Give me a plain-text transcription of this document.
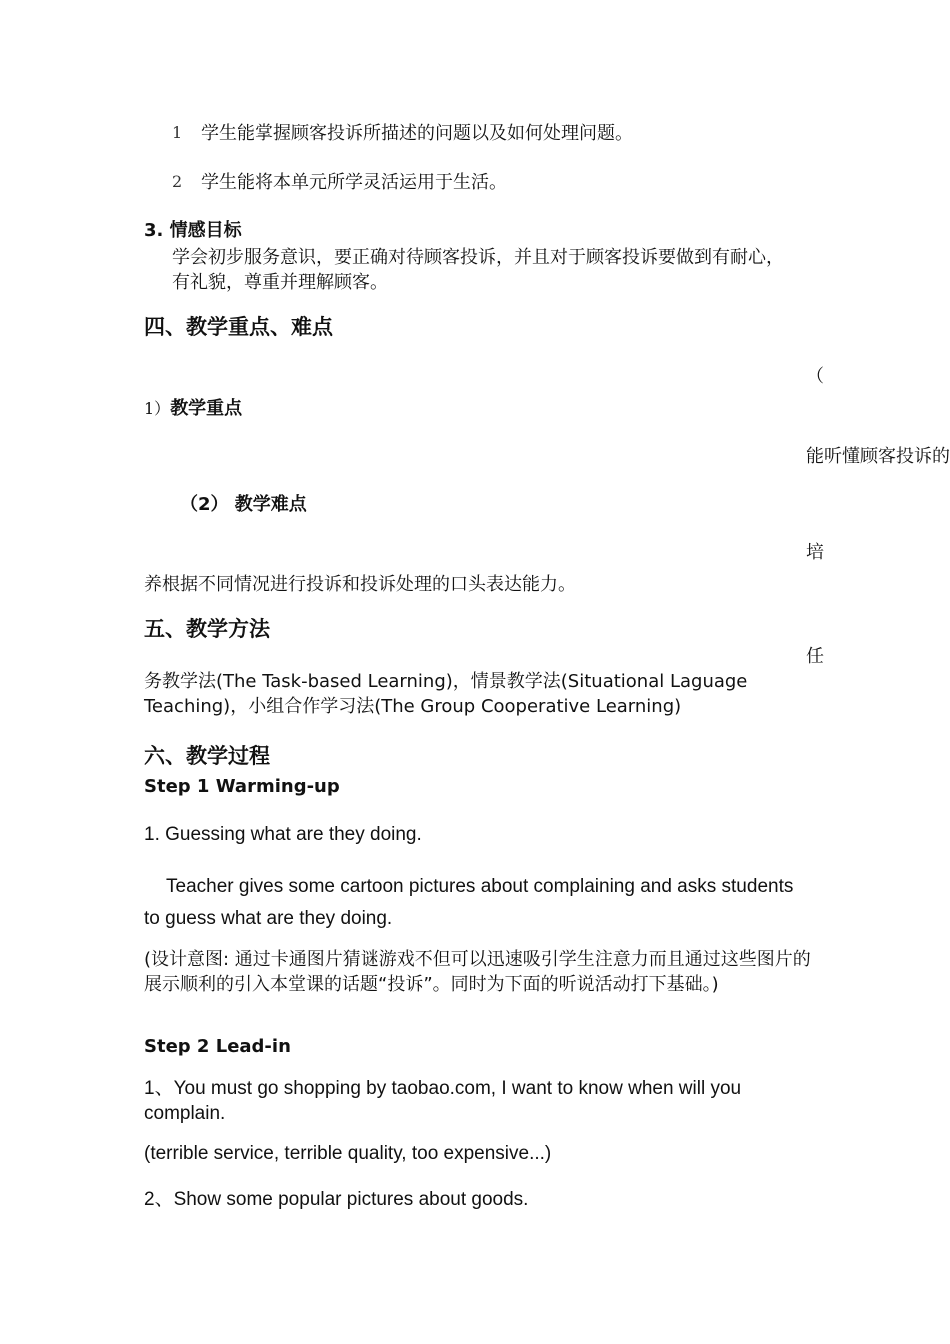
1 学生能掌握顾客投诉所描述的问题以及如何处理问题。
2 学生能将本单元所学灵活运用于生活。
3. 情感目标
学会初步服务意识，要正确对待顾客投诉，并且对于顾客投诉要做到有耐心，
有礼貌，尊重并理解顾客。
四、教学重点、难点
（
1）教学重点
能听懂顾客投诉的
（2） 教学难点
培
养根据不同情况进行投诉和投诉处理的口头表达能力。
五、教学方法
任
务教学法(The Task-based Learning)，情景教学法(Situational Laguage
Teaching)，小组合作学习法(The Group Cooperative Learning)
六、教学过程
Step 1 Warming-up
1. Guessing what are they doing.
Teacher gives some cartoon pictures about complaining and asks students to guess what are they doing.
(设计意图: 通过卡通图片猜谜游戏不但可以迅速吸引学生注意力而且通过这些图片的展示顺利的引入本堂课的话题“投诉”。同时为下面的听说活动打下基础。)
Step 2 Lead-in
1、You must go shopping by taobao.com, I want to know when will you complain.
(terrible service, terrible quality, too expensive...)
2、Show some popular pictures about goods.
